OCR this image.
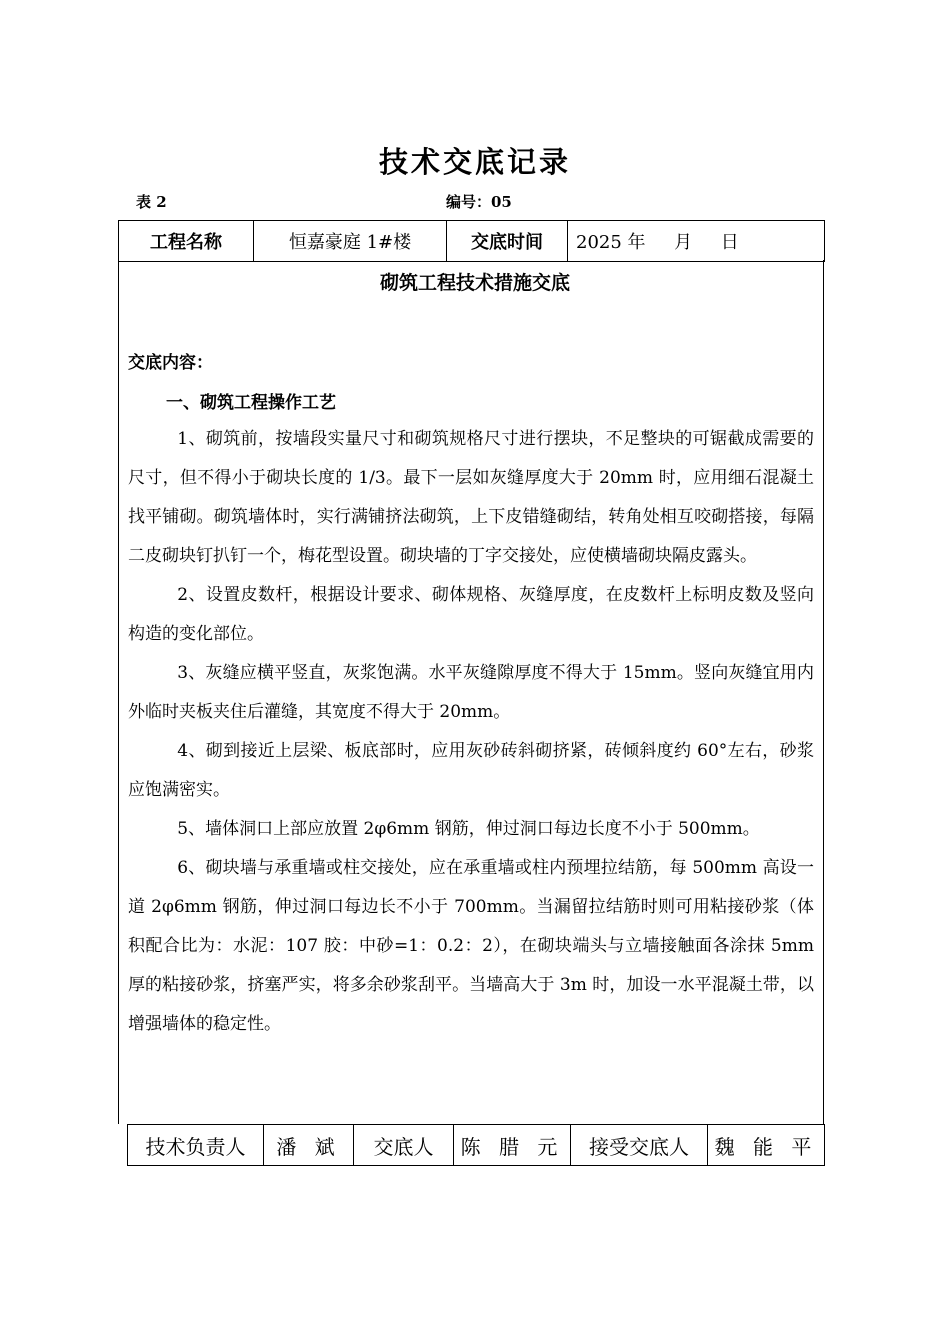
技术交底记录
表 2	编号：05
工程名称	恒嘉豪庭 1#楼	交底时间	2025 年     月     日
砌筑工程技术措施交底
交底内容：
一、砌筑工程操作工艺

1、砌筑前，按墙段实量尺寸和砌筑规格尺寸进行摆块，不足整块的可锯截成需要的尺寸，但不得小于砌块长度的 1/3。最下一层如灰缝厚度大于 20mm 时，应用细石混凝土找平铺砌。砌筑墙体时，实行满铺挤法砌筑，上下皮错缝砌结，转角处相互咬砌搭接，每隔二皮砌块钉扒钉一个，梅花型设置。砌块墙的丁字交接处，应使横墙砌块隔皮露头。

2、设置皮数杆，根据设计要求、砌体规格、灰缝厚度，在皮数杆上标明皮数及竖向构造的变化部位。

3、灰缝应横平竖直，灰浆饱满。水平灰缝隙厚度不得大于 15mm。竖向灰缝宜用内外临时夹板夹住后灌缝，其宽度不得大于 20mm。

4、砌到接近上层梁、板底部时，应用灰砂砖斜砌挤紧，砖倾斜度约 60°左右，砂浆应饱满密实。

5、墙体洞口上部应放置 2φ6mm 钢筋，伸过洞口每边长度不小于 500mm。

6、砌块墙与承重墙或柱交接处，应在承重墙或柱内预埋拉结筋，每 500mm 高设一道 2φ6mm 钢筋，伸过洞口每边长不小于 700mm。当漏留拉结筋时则可用粘接砂浆（体积配合比为：水泥：107 胶：中砂=1：0.2：2），在砌块端头与立墙接触面各涂抹 5mm 厚的粘接砂浆，挤塞严实，将多余砂浆刮平。当墙高大于 3m 时，加设一水平混凝土带，以增强墙体的稳定性。

技术负责人	潘 斌	交底人	陈 腊 元	接受交底人	魏 能 平
